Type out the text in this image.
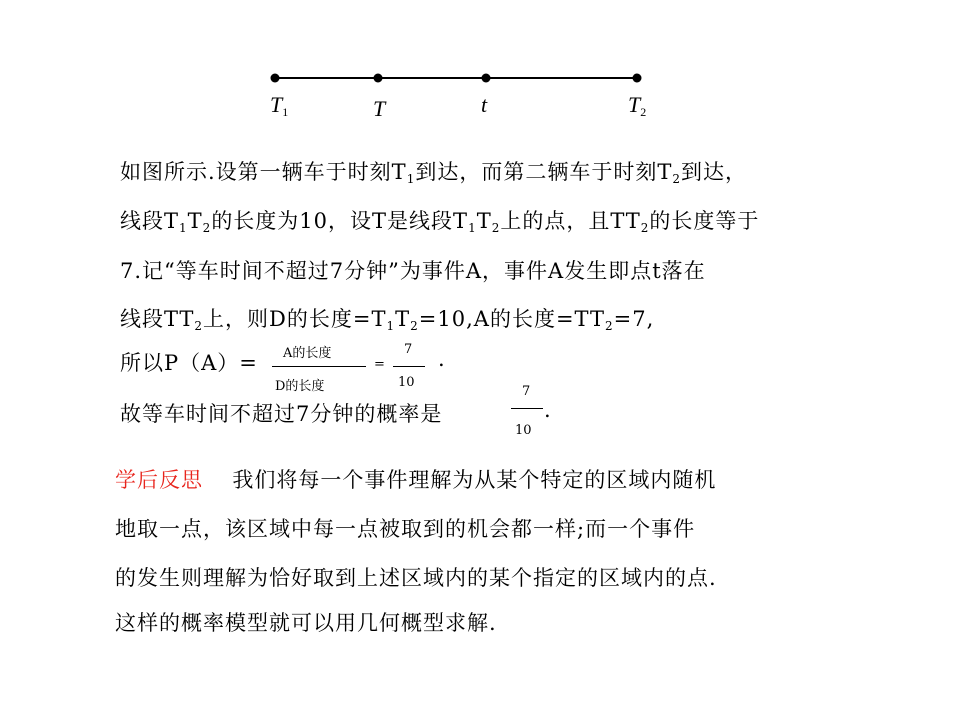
$T_1$	T	t	$T_2$
如图所示.设第一辆车于时刻$T_1$到达，而第二辆车于时刻$T_2$到达，
线段$T_1T_2$的长度为10，设T是线段$T_1T_2$上的点，且$TT_2$的长度等于
7.记“等车时间不超过7分钟”为事件A，事件A发生即点t落在
线段$TT_2$上，则D的长度$=T_1T_2=10,A$的长度$=TT_2=7$,
所以P（A）= A的长度
D的长度
=
7
10
.
故等车时间不超过7分钟的概率是
7
10
.
学后反思 我们将每一个事件理解为从某个特定的区域内随机
地取一点，该区域中每一点被取到的机会都一样;而一个事件
的发生则理解为恰好取到上述区域内的某个指定的区域内的点.
这样的概率模型就可以用几何概型求解.
